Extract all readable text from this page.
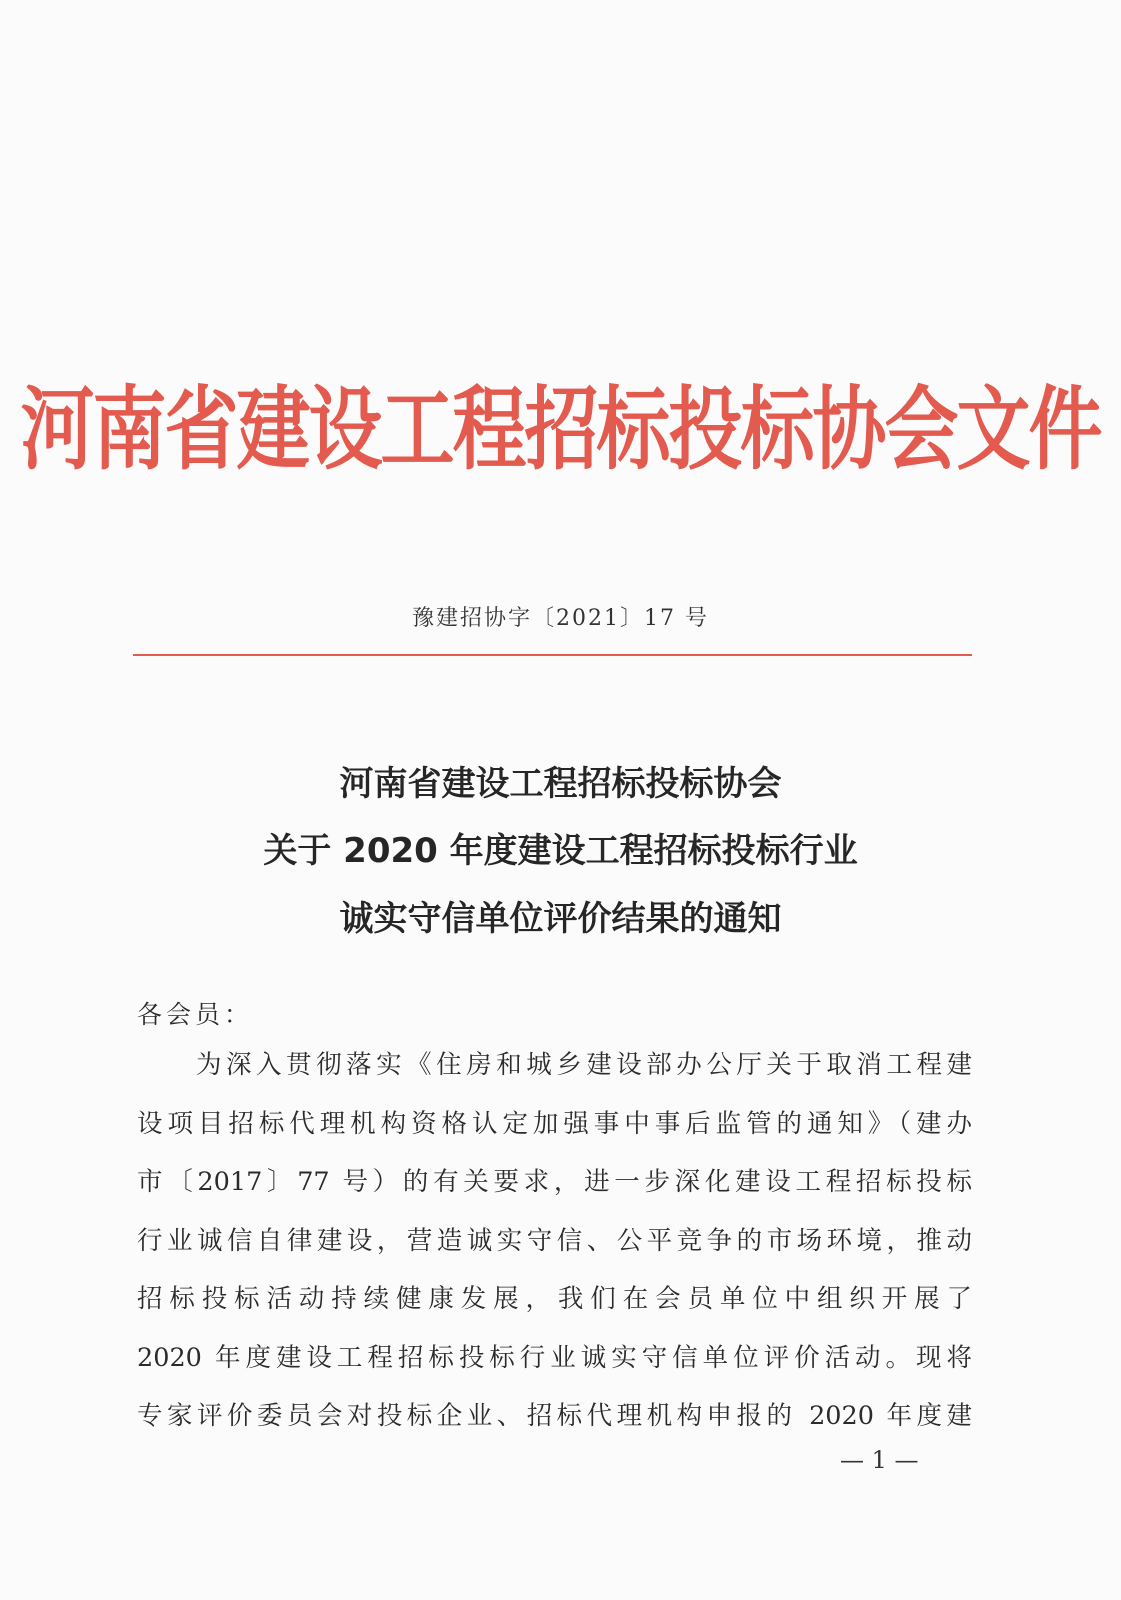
河南省建设工程招标投标协会文件
豫建招协字〔2021〕17 号
河南省建设工程招标投标协会
关于 2020 年度建设工程招标投标行业
诚实守信单位评价结果的通知
各会员：
为深入贯彻落实《住房和城乡建设部办公厅关于取消工程建
设项目招标代理机构资格认定加强事中事后监管的通知》（建办
市〔2017〕77 号）的有关要求，进一步深化建设工程招标投标
行业诚信自律建设，营造诚实守信、公平竞争的市场环境，推动
招标投标活动持续健康发展，我们在会员单位中组织开展了
2020 年度建设工程招标投标行业诚实守信单位评价活动。现将
专家评价委员会对投标企业、招标代理机构申报的 2020 年度建
— 1 —
